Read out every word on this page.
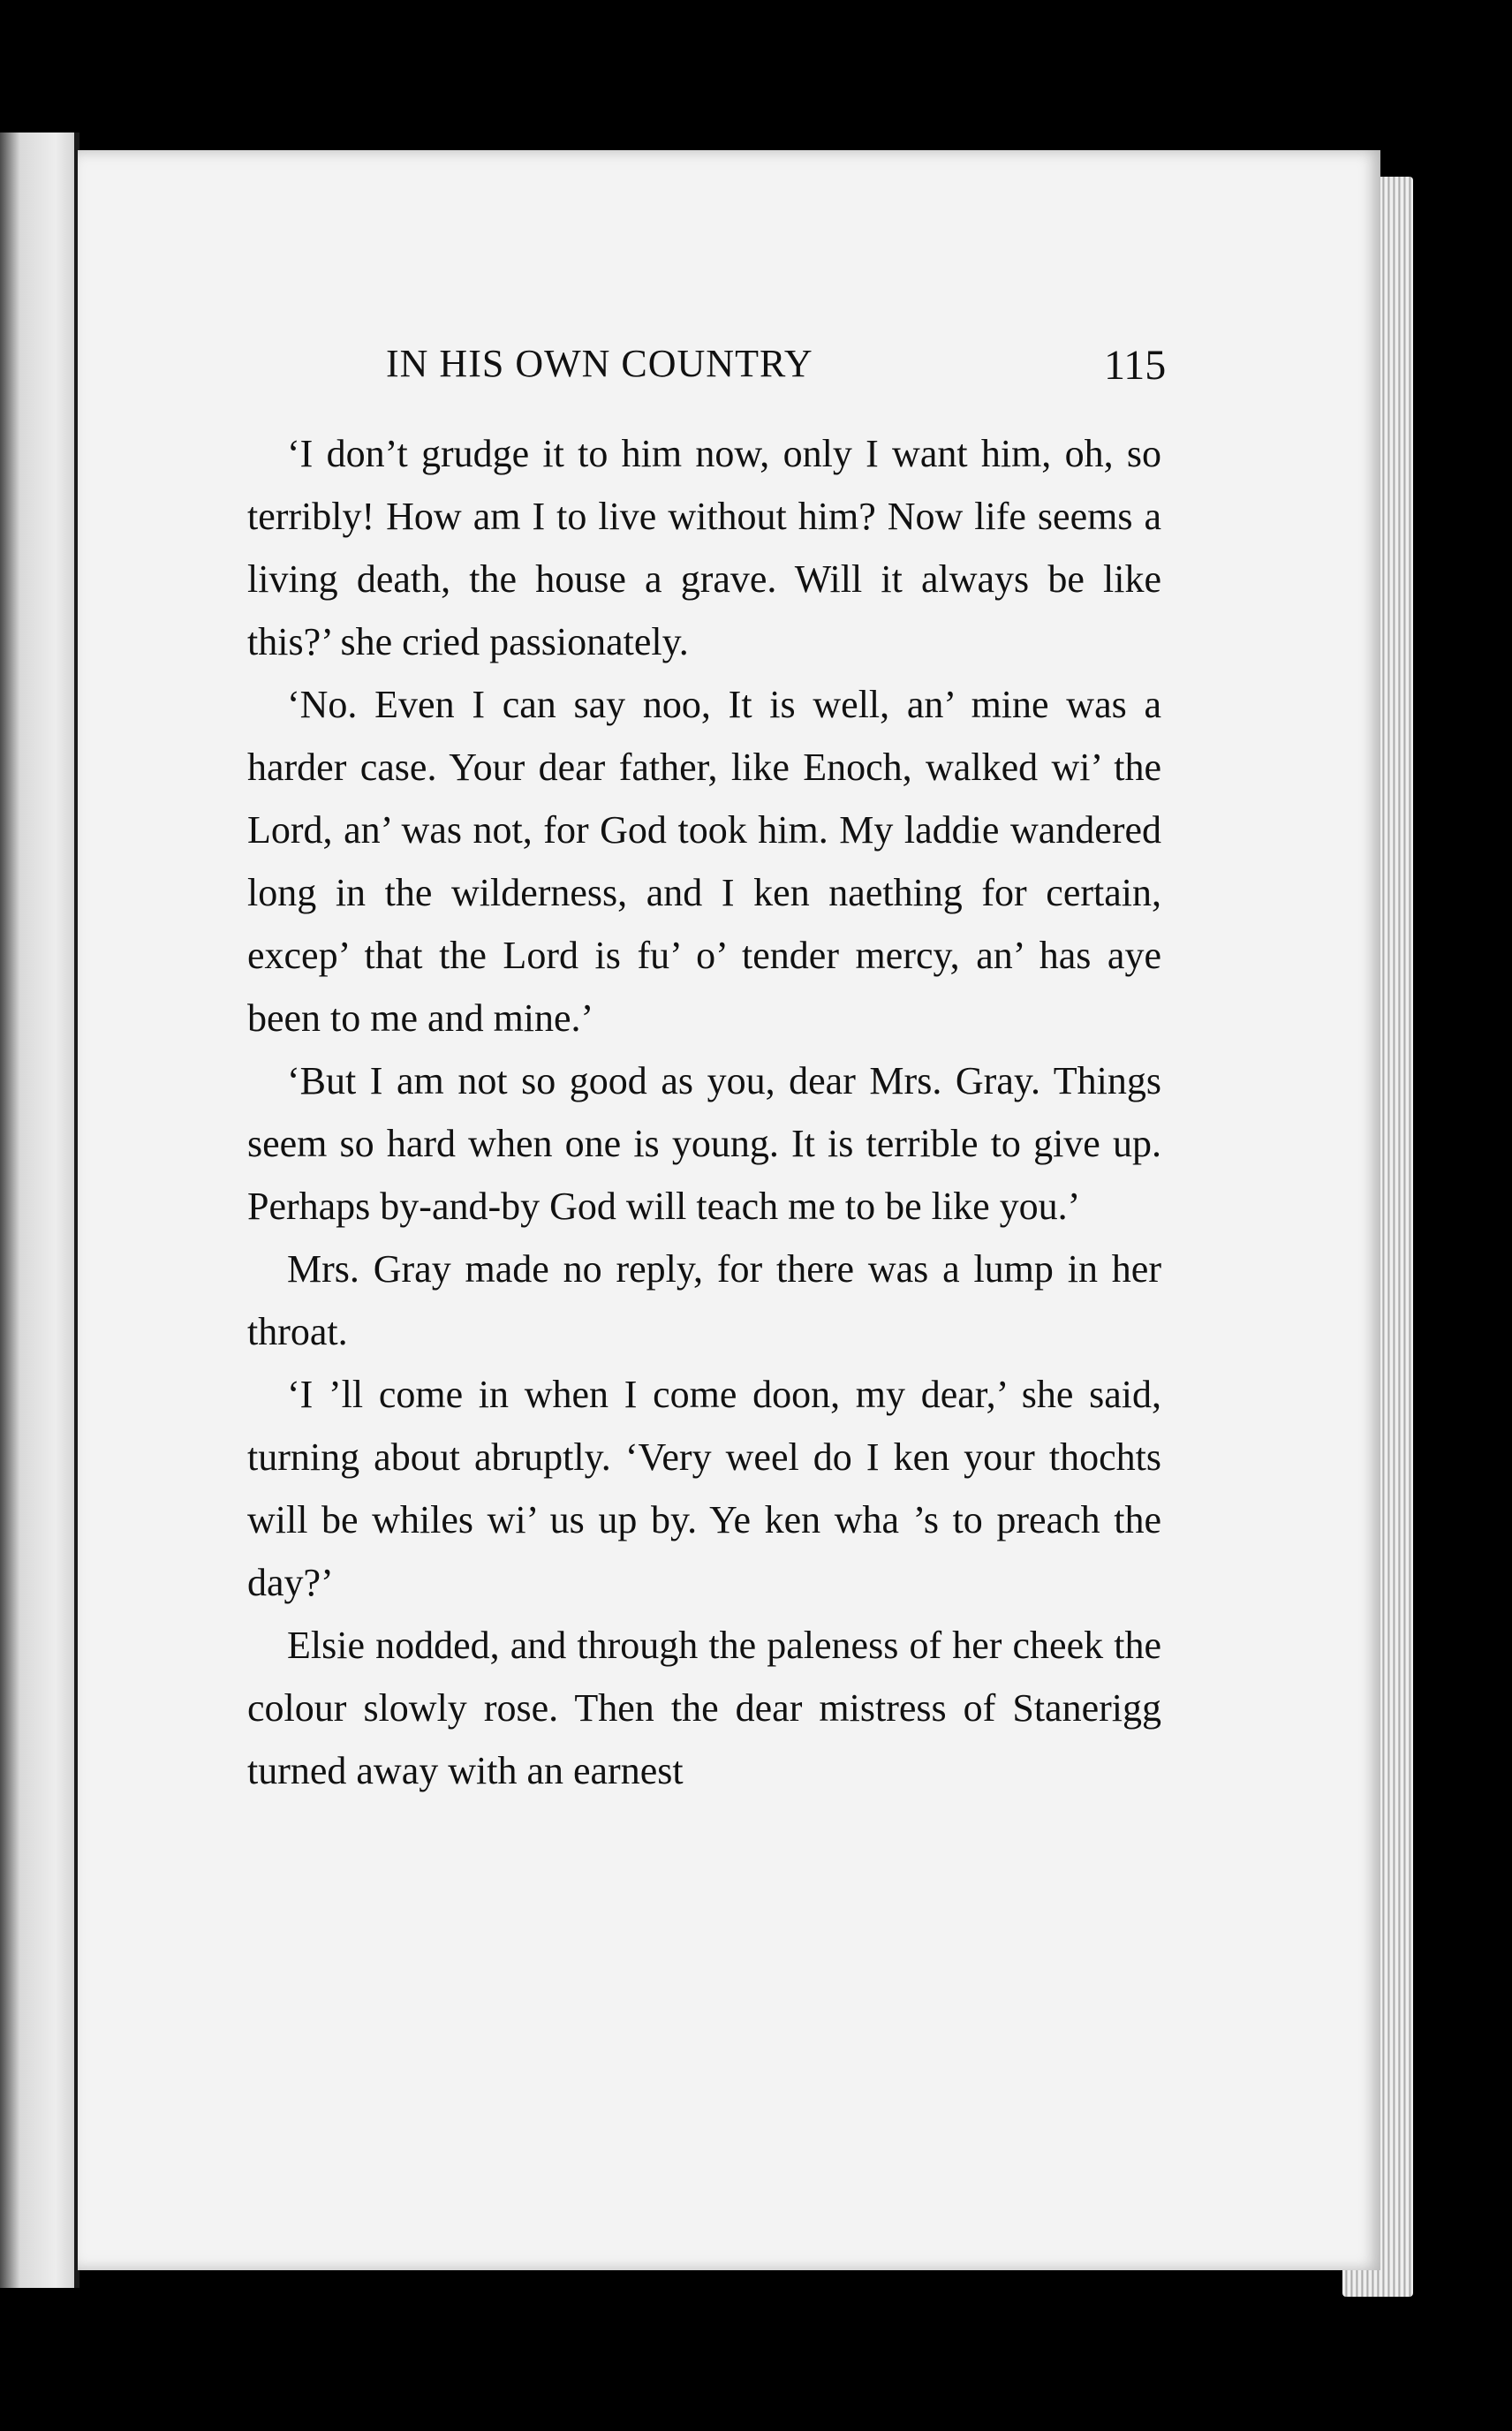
IN HIS OWN COUNTRY	115

‘I don’t grudge it to him now, only I want him, oh, so terribly! How am I to live without him? Now life seems a living death, the house a grave. Will it always be like this?’ she cried passionately.

‘No. Even I can say noo, It is well, an’ mine was a harder case. Your dear father, like Enoch, walked wi’ the Lord, an’ was not, for God took him. My laddie wandered long in the wilderness, and I ken naething for certain, excep’ that the Lord is fu’ o’ tender mercy, an’ has aye been to me and mine.’

‘But I am not so good as you, dear Mrs. Gray. Things seem so hard when one is young. It is terrible to give up. Perhaps by-and-by God will teach me to be like you.’

Mrs. Gray made no reply, for there was a lump in her throat.

‘I ’ll come in when I come doon, my dear,’ she said, turning about abruptly. ‘Very weel do I ken your thochts will be whiles wi’ us up by. Ye ken wha ’s to preach the day?’

Elsie nodded, and through the paleness of her cheek the colour slowly rose. Then the dear mistress of Stanerigg turned away with an earnest
